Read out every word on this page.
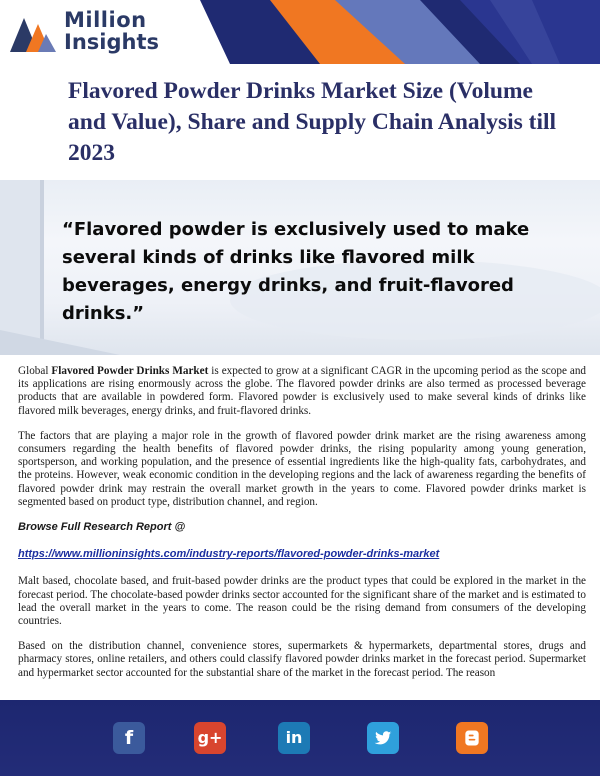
Million
Insights
Flavored Powder Drinks Market Size (Volume and Value), Share and Supply Chain Analysis till 2023

“Flavored powder is exclusively used to make several kinds of drinks like flavored milk beverages, energy drinks, and fruit-flavored drinks.”

Global Flavored Powder Drinks Market is expected to grow at a significant CAGR in the upcoming period as the scope and its applications are rising enormously across the globe. The flavored powder drinks are also termed as processed beverage products that are available in powdered form. Flavored powder is exclusively used to make several kinds of drinks like flavored milk beverages, energy drinks, and fruit-flavored drinks.

The factors that are playing a major role in the growth of flavored powder drink market are the rising awareness among consumers regarding the health benefits of flavored powder drinks, the rising popularity among young generation, sportsperson, and working population, and the presence of essential ingredients like the high-quality fats, carbohydrates, and the proteins. However, weak economic condition in the developing regions and the lack of awareness regarding the benefits of flavored powder drink may restrain the overall market growth in the years to come. Flavored powder drinks market is segmented based on product type, distribution channel, and region.

Browse Full Research Report @

https://www.millioninsights.com/industry-reports/flavored-powder-drinks-market

Malt based, chocolate based, and fruit-based powder drinks are the product types that could be explored in the market in the forecast period. The chocolate-based powder drinks sector accounted for the significant share of the market and is estimated to lead the overall market in the years to come. The reason could be the rising demand from consumers of the developing countries.

Based on the distribution channel, convenience stores, supermarkets & hypermarkets, departmental stores, drugs and pharmacy stores, online retailers, and others could classify flavored powder drinks market in the forecast period. Supermarket and hypermarket sector accounted for the substantial share of the market in the forecast period. The reason

f	g+	in
